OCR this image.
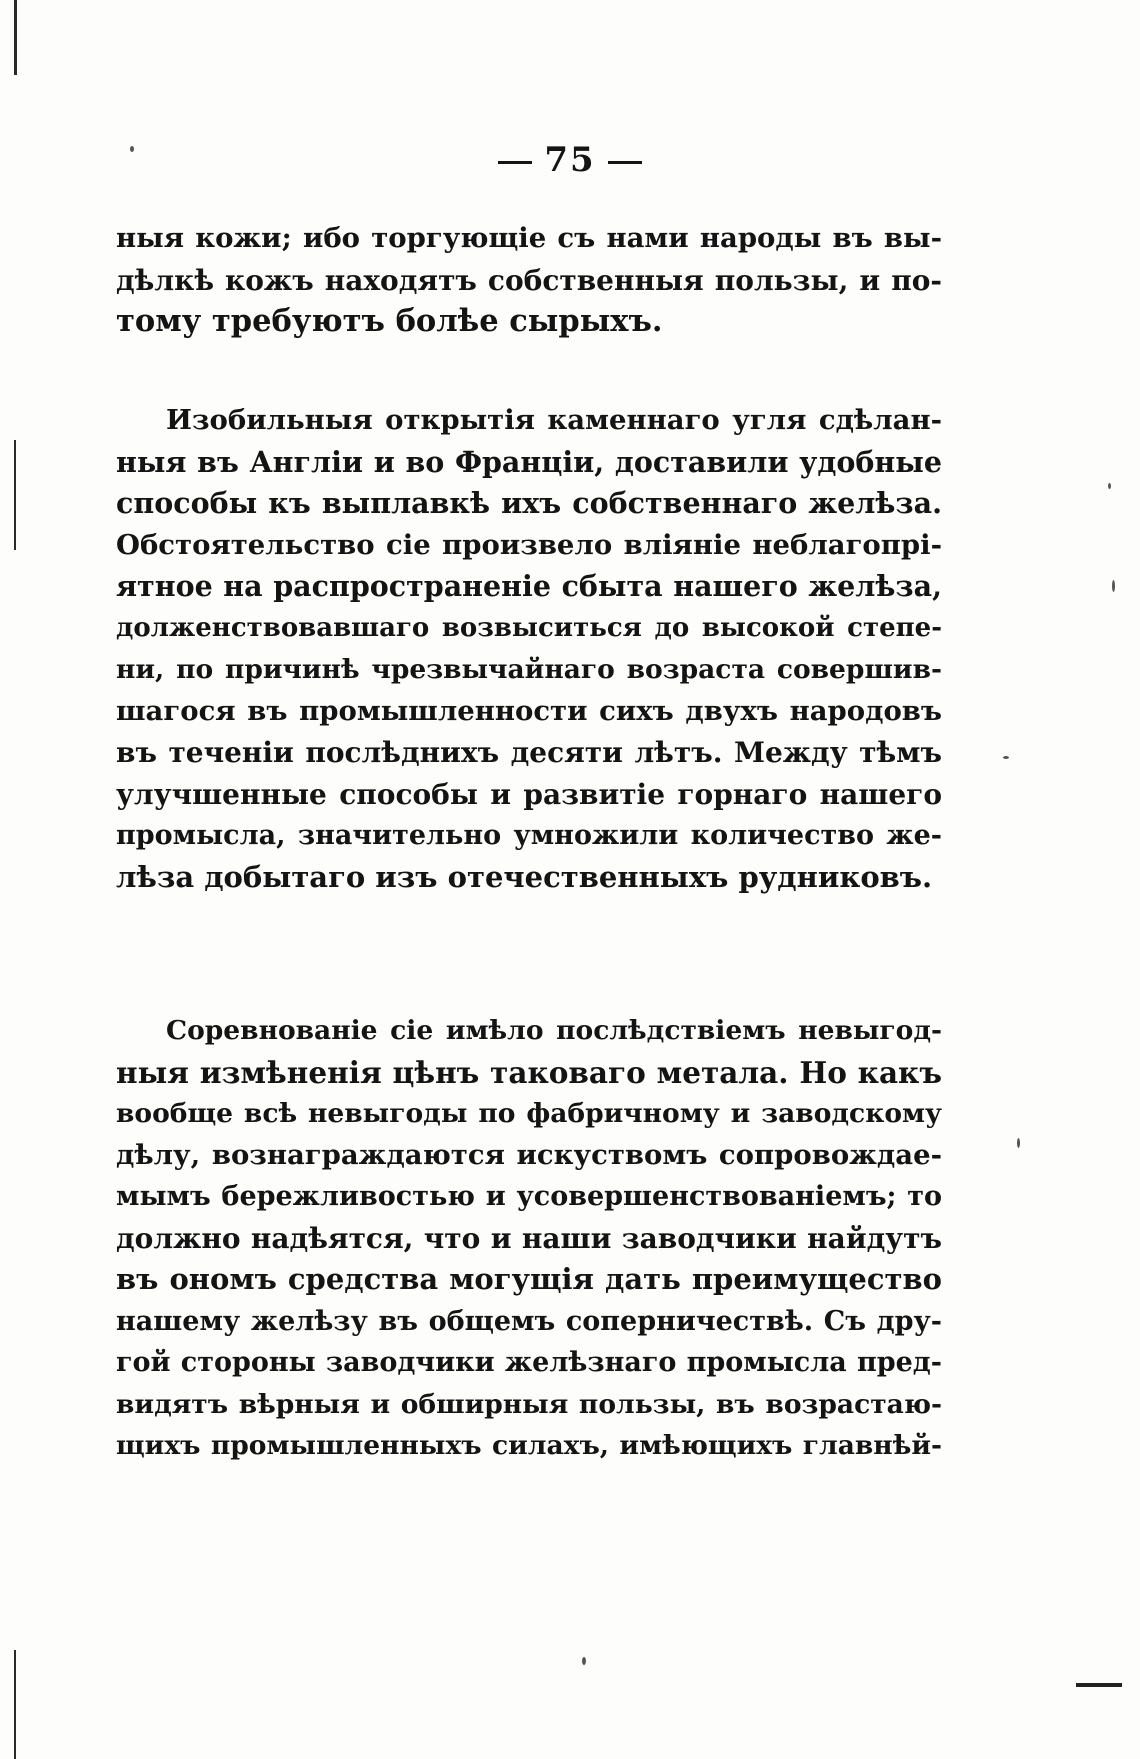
75
ныя кожи; ибо торгующіе съ нами народы въ вы-
дѣлкѣ кожъ находятъ собственныя пользы, и по-
тому требуютъ болѣе сырыхъ.
Изобильныя открытія каменнаго угля сдѣлан-
ныя въ Англіи и во Франціи, доставили удобные
способы къ выплавкѣ ихъ собственнаго желѣза.
Обстоятельство сіе произвело вліяніе неблагопрі-
ятное на распространеніе сбыта нашего желѣза,
долженствовавшаго возвыситься до высокой степе-
ни, по причинѣ чрезвычайнаго возраста совершив-
шагося въ промышленности сихъ двухъ народовъ
въ теченіи послѣднихъ десяти лѣтъ. Между тѣмъ
улучшенные способы и развитіе горнаго нашего
промысла, значительно умножили количество же-
лѣза добытаго изъ отечественныхъ рудниковъ.
Соревнованіе сіе имѣло послѣдствіемъ невыгод-
ныя измѣненія цѣнъ таковаго метала. Но какъ
вообще всѣ невыгоды по фабричному и заводскому
дѣлу, вознаграждаются искуствомъ сопровождае-
мымъ бережливостью и усовершенствованіемъ; то
должно надѣятся, что и наши заводчики найдутъ
въ ономъ средства могущія дать преимущество
нашему желѣзу въ общемъ соперничествѣ. Съ дру-
гой стороны заводчики желѣзнаго промысла пред-
видятъ вѣрныя и обширныя пользы, въ возрастаю-
щихъ промышленныхъ силахъ, имѣющихъ главнѣй-
